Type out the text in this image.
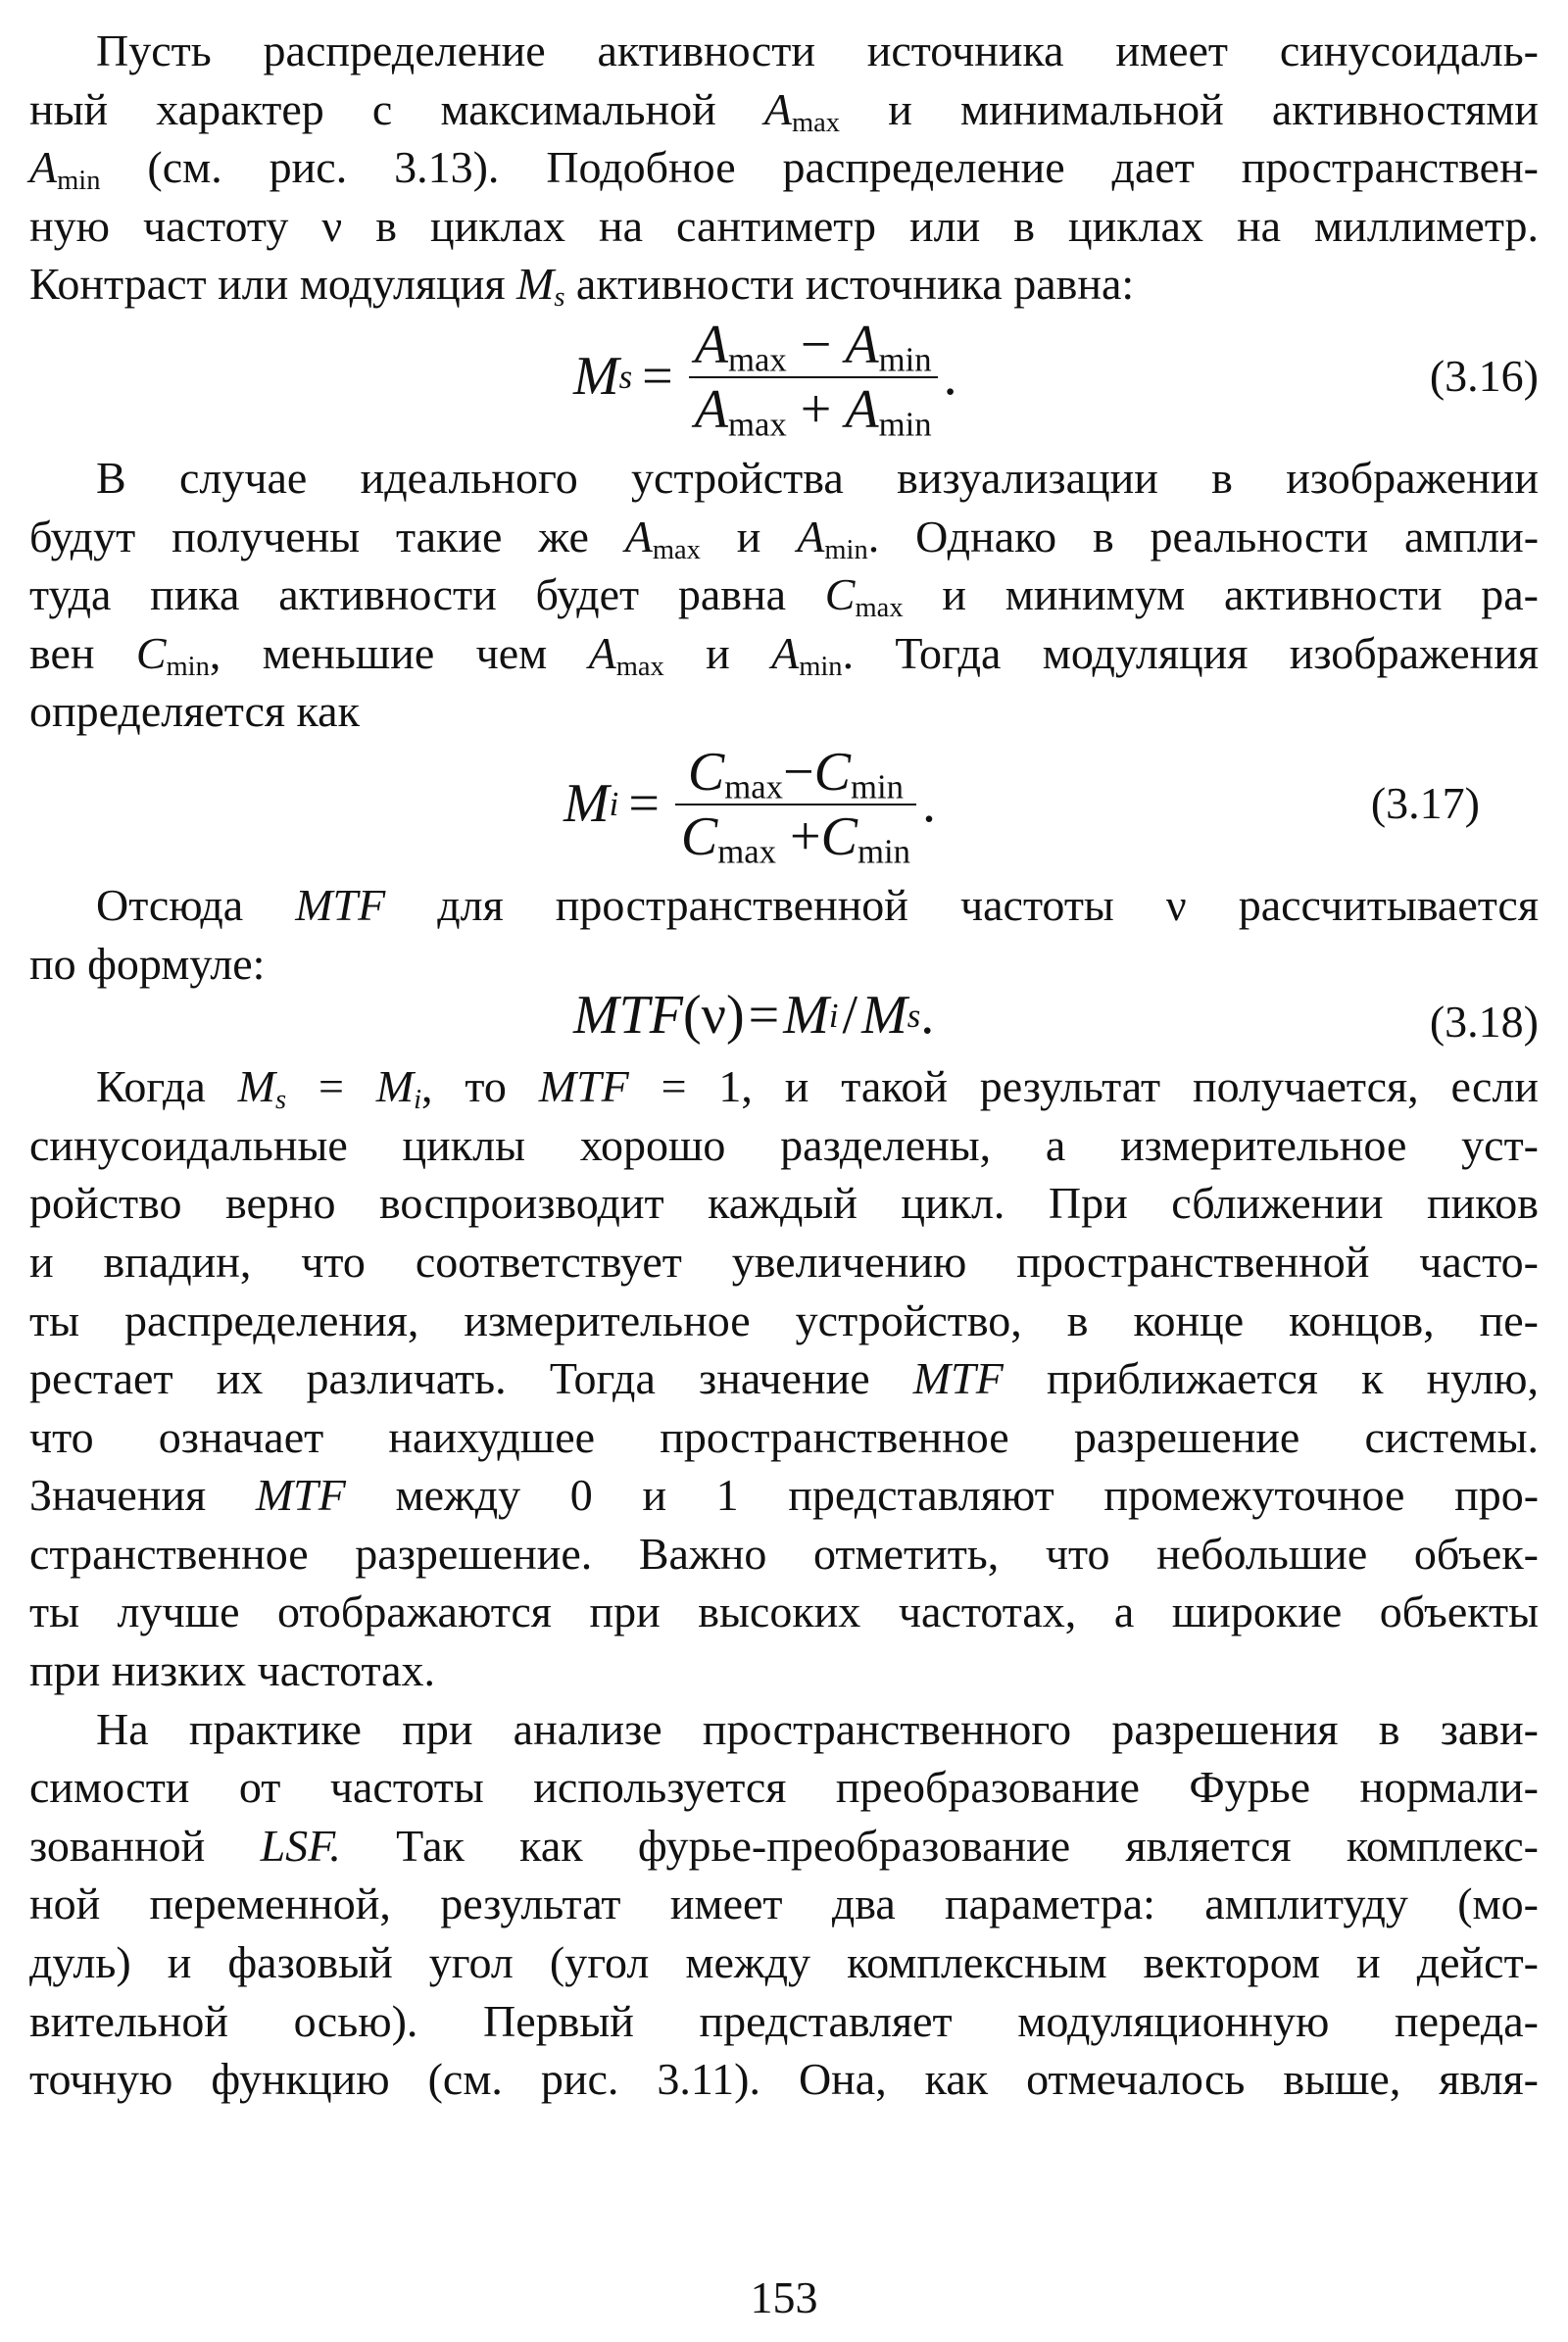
Пусть распределение активности источника имеет синусоидаль-

ный характер с максимальной $A_{max}$ и минимальной активностями

$A_{min}$ (см. рис. 3.13). Подобное распределение дает пространствен-

ную частоту ν в циклах на сантиметр или в циклах на миллиметр.

Контраст или модуляция $M_s$ активности источника равна:

M $s = \frac{A_{max} - A_{min}}{A_{max} + A_{min}}$ .	(3.16)

В случае идеального устройства визуализации в изображении

будут получены такие же $A_{max}$ и $A_{min}$. Однако в реальности ампли-

туда пика активности будет равна $C_{max}$ и минимум активности ра-

вен $C_{min}$, меньшие чем $A_{max}$ и $A_{min}$. Тогда модуляция изображения

определяется как

M $i = \frac{C_{max}-C_{min}}{C_{max} +C_{min}}$ .	(3.17)

Отсюда MTF для пространственной частоты ν рассчитывается

по формуле:

MTF (ν) = M i / M s .	(3.18)

Когда $M_s = M_i$, то MTF = 1, и такой результат получается, если

синусоидальные циклы хорошо разделены, а измерительное уст-

ройство верно воспроизводит каждый цикл. При сближении пиков

и впадин, что соответствует увеличению пространственной часто-

ты распределения, измерительное устройство, в конце концов, пе-

рестает их различать. Тогда значение MTF приближается к нулю,

что означает наихудшее пространственное разрешение системы.

Значения MTF между 0 и 1 представляют промежуточное про-

странственное разрешение. Важно отметить, что небольшие объек-

ты лучше отображаются при высоких частотах, а широкие объекты

при низких частотах.

На практике при анализе пространственного разрешения в зави-

симости от частоты используется преобразование Фурье нормали-

зованной LSF. Так как фурье-преобразование является комплекс-

ной переменной, результат имеет два параметра: амплитуду (мо-

дуль) и фазовый угол (угол между комплексным вектором и дейст-

вительной осью). Первый представляет модуляционную переда-

точную функцию (см. рис. 3.11). Она, как отмечалось выше, явля-

153
